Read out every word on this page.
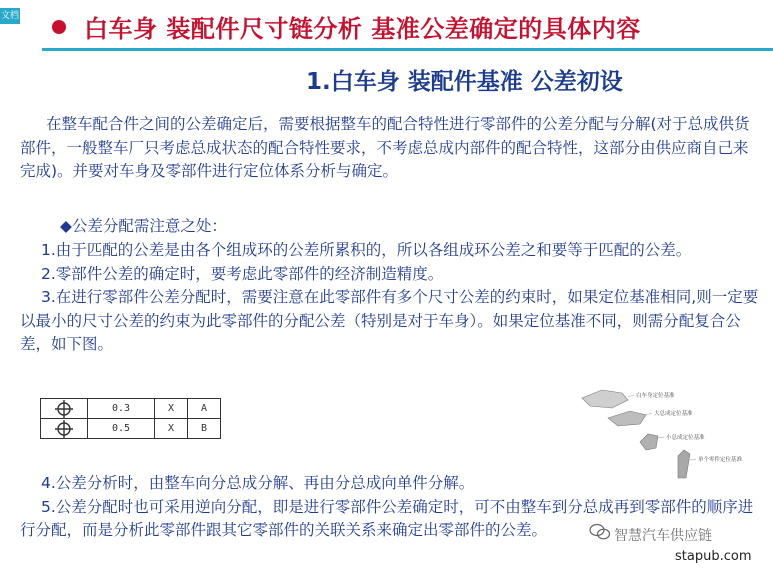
文档	白车身 装配件尺寸链分析 基准公差确定的具体内容
1.白车身 装配件基准 公差初设
在整车配合件之间的公差确定后，需要根据整车的配合特性进行零部件的公差分配与分解(对于总成供货部件，一般整车厂只考虑总成状态的配合特性要求，不考虑总成内部件的配合特性，这部分由供应商自己来完成)。并要对车身及零部件进行定位体系分析与确定。
◆公差分配需注意之处：
1.由于匹配的公差是由各个组成环的公差所累积的，所以各组成环公差之和要等于匹配的公差。
2.零部件公差的确定时，要考虑此零部件的经济制造精度。
3.在进行零部件公差分配时，需要注意在此零部件有多个尺寸公差的约束时，如果定位基准相同,则一定要以最小的尺寸公差的约束为此零部件的分配公差（特别是对于车身）。如果定位基准不同，则需分配复合公差，如下图。
	0.3	X	A
	0.5	X	B
白车身定位基准
大总成定位基准
小总成定位基准
单个零件定位基准
4.公差分析时，由整车向分总成分解、再由分总成向单件分解。
5.公差分配时也可采用逆向分配，即是进行零部件公差确定时，可不由整车到分总成再到零部件的顺序进行分配，而是分析此零部件跟其它零部件的关联关系来确定出零部件的公差。	智慧汽车供应链
stapub.com
